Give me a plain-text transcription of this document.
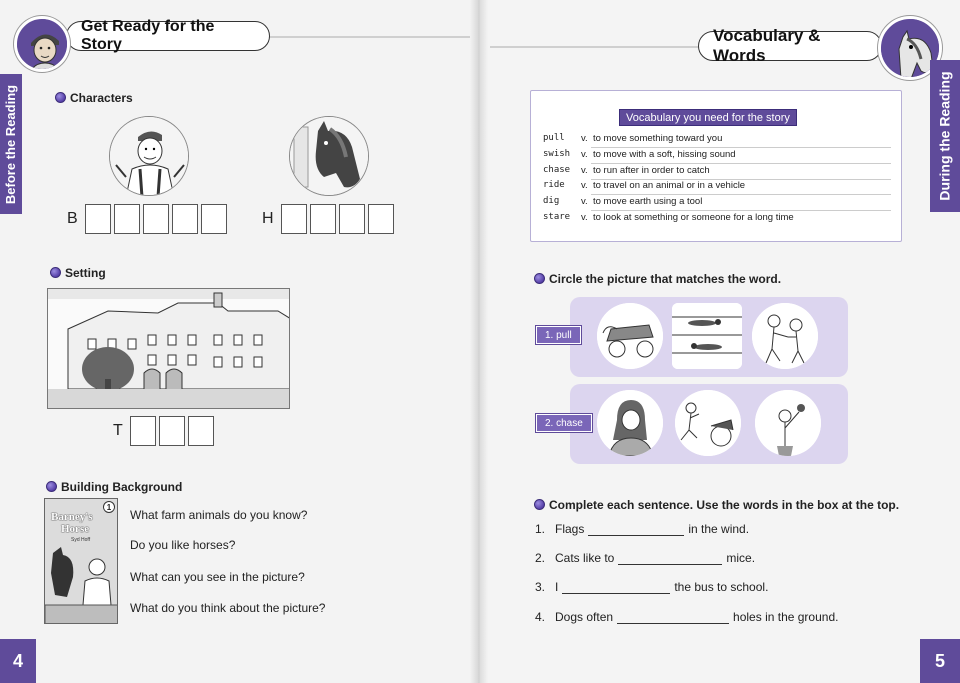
Get Ready for the Story
Before the Reading	Characters
B	H
Setting
T
Building Background
1
Barney's
Horse
Syd Hoff
What farm animals do you know?
Do you like horses?
What can you see in the picture?
What do you think about the picture?
4
Vocabulary & Words
During the Reading
Vocabulary you need for the story
pull	v. to move something toward you
swish	v. to move with a soft, hissing sound
chase	v. to run after in order to catch
ride	v. to travel on an animal or in a vehicle
dig	v. to move earth using a tool
stare	v. to look at something or someone for a long time
Circle the picture that matches the word.
1. pull
2. chase
Complete each sentence. Use the words in the box at the top.
1. Flags	in the wind.
2. Cats like to	mice.
3. I	the bus to school.
4. Dogs often	holes in the ground.
5
